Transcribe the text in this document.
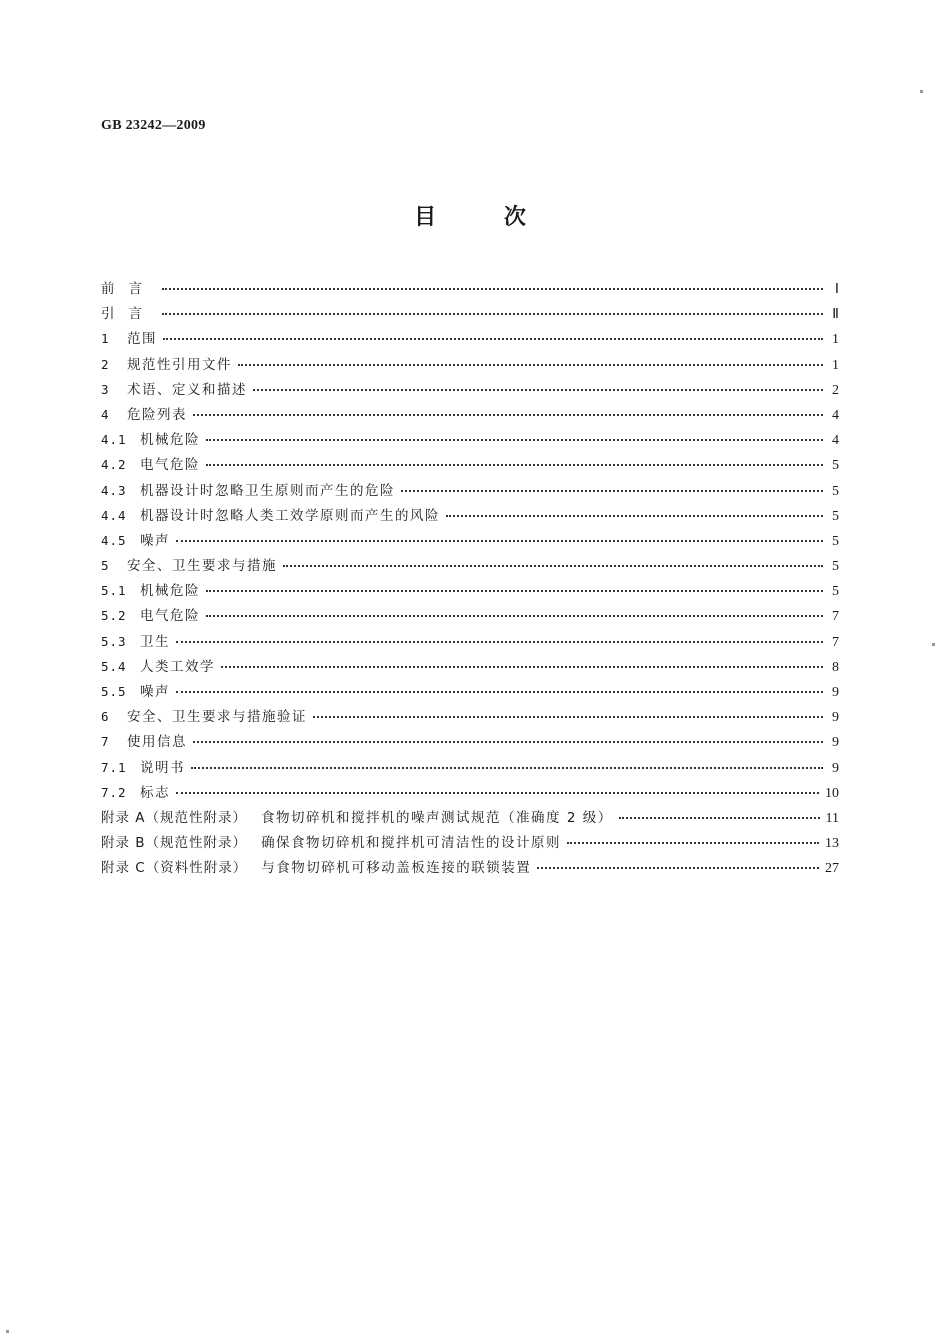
GB 23242—2009
目 次
前言	Ⅰ
引言	Ⅱ
1	范围	1
2	规范性引用文件	1
3	术语、定义和描述	2
4	危险列表	4
4.1 机械危险	4
4.2 电气危险	5
4.3 机器设计时忽略卫生原则而产生的危险	5
4.4 机器设计时忽略人类工效学原则而产生的风险	5
4.5 噪声	5
5	安全、卫生要求与措施	5
5.1 机械危险	5
5.2 电气危险	7
5.3 卫生	7
5.4 人类工效学	8
5.5 噪声	9
6	安全、卫生要求与措施验证	9
7	使用信息	9
7.1 说明书	9
7.2 标志	10
附录 A（规范性附录） 食物切碎机和搅拌机的噪声测试规范（准确度 2 级）	11
附录 B（规范性附录） 确保食物切碎机和搅拌机可清洁性的设计原则	13
附录 C（资料性附录） 与食物切碎机可移动盖板连接的联锁装置	27
